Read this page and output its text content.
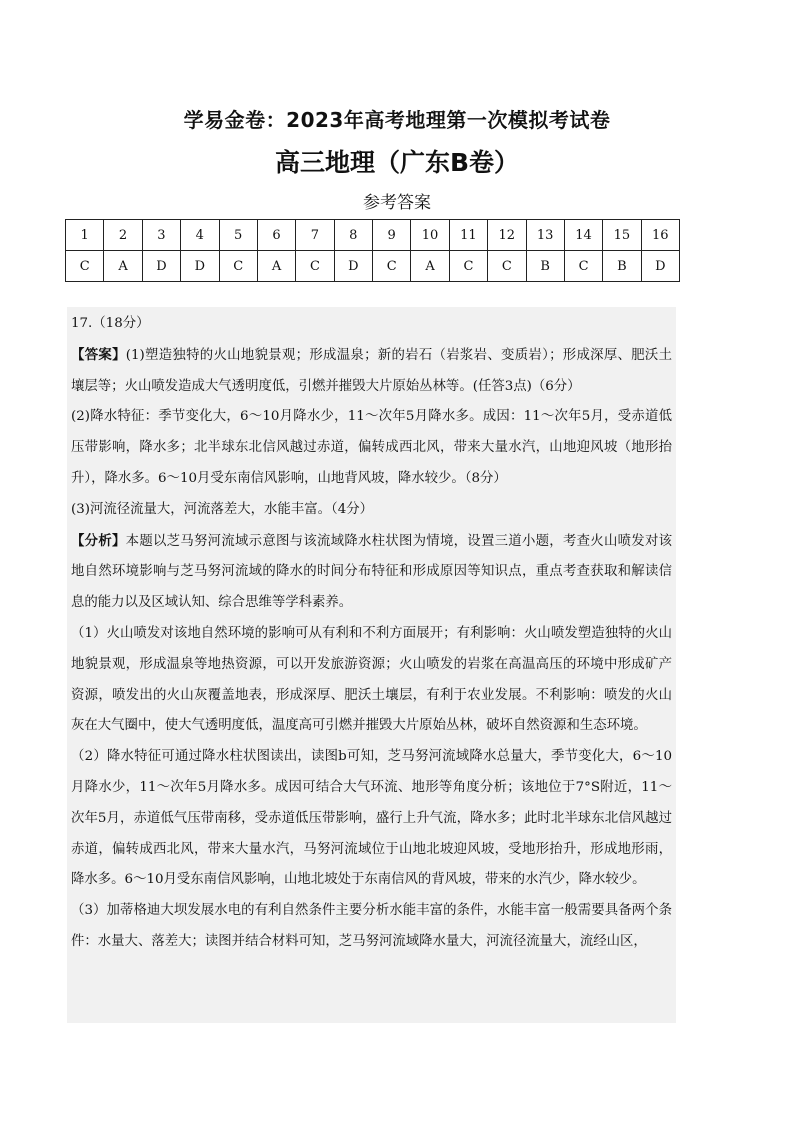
学易金卷：2023年高考地理第一次模拟考试卷
高三地理（广东B卷）
参考答案
1	2	3	4	5	6	7	8	9	10	11	12	13	14	15	16
C	A	D	D	C	A	C	D	C	A	C	C	B	C	B	D

17.（18分）

【答案】(1)塑造独特的火山地貌景观；形成温泉；新的岩石（岩浆岩、变质岩）；形成深厚、肥沃土壤层等；火山喷发造成大气透明度低，引燃并摧毁大片原始丛林等。(任答3点)（6分）

(2)降水特征：季节变化大，6～10月降水少，11～次年5月降水多。成因：11～次年5月，受赤道低压带影响，降水多；北半球东北信风越过赤道，偏转成西北风，带来大量水汽，山地迎风坡（地形抬升），降水多。6～10月受东南信风影响，山地背风坡，降水较少。（8分）

(3)河流径流量大，河流落差大，水能丰富。（4分）

【分析】本题以芝马努河流域示意图与该流域降水柱状图为情境，设置三道小题，考查火山喷发对该地自然环境影响与芝马努河流域的降水的时间分布特征和形成原因等知识点，重点考查获取和解读信息的能力以及区域认知、综合思维等学科素养。

（1）火山喷发对该地自然环境的影响可从有利和不利方面展开；有利影响：火山喷发塑造独特的火山地貌景观，形成温泉等地热资源，可以开发旅游资源；火山喷发的岩浆在高温高压的环境中形成矿产资源，喷发出的火山灰覆盖地表，形成深厚、肥沃土壤层，有利于农业发展。不利影响：喷发的火山灰在大气圈中，使大气透明度低，温度高可引燃并摧毁大片原始丛林，破坏自然资源和生态环境。

（2）降水特征可通过降水柱状图读出，读图b可知，芝马努河流域降水总量大，季节变化大，6～10月降水少，11～次年5月降水多。成因可结合大气环流、地形等角度分析；该地位于7°S附近，11～次年5月，赤道低气压带南移，受赤道低压带影响，盛行上升气流，降水多；此时北半球东北信风越过赤道，偏转成西北风，带来大量水汽，马努河流域位于山地北坡迎风坡，受地形抬升，形成地形雨，降水多。6～10月受东南信风影响，山地北坡处于东南信风的背风坡，带来的水汽少，降水较少。

（3）加蒂格迪大坝发展水电的有利自然条件主要分析水能丰富的条件，水能丰富一般需要具备两个条件：水量大、落差大；读图并结合材料可知，芝马努河流域降水量大，河流径流量大，流经山区，
